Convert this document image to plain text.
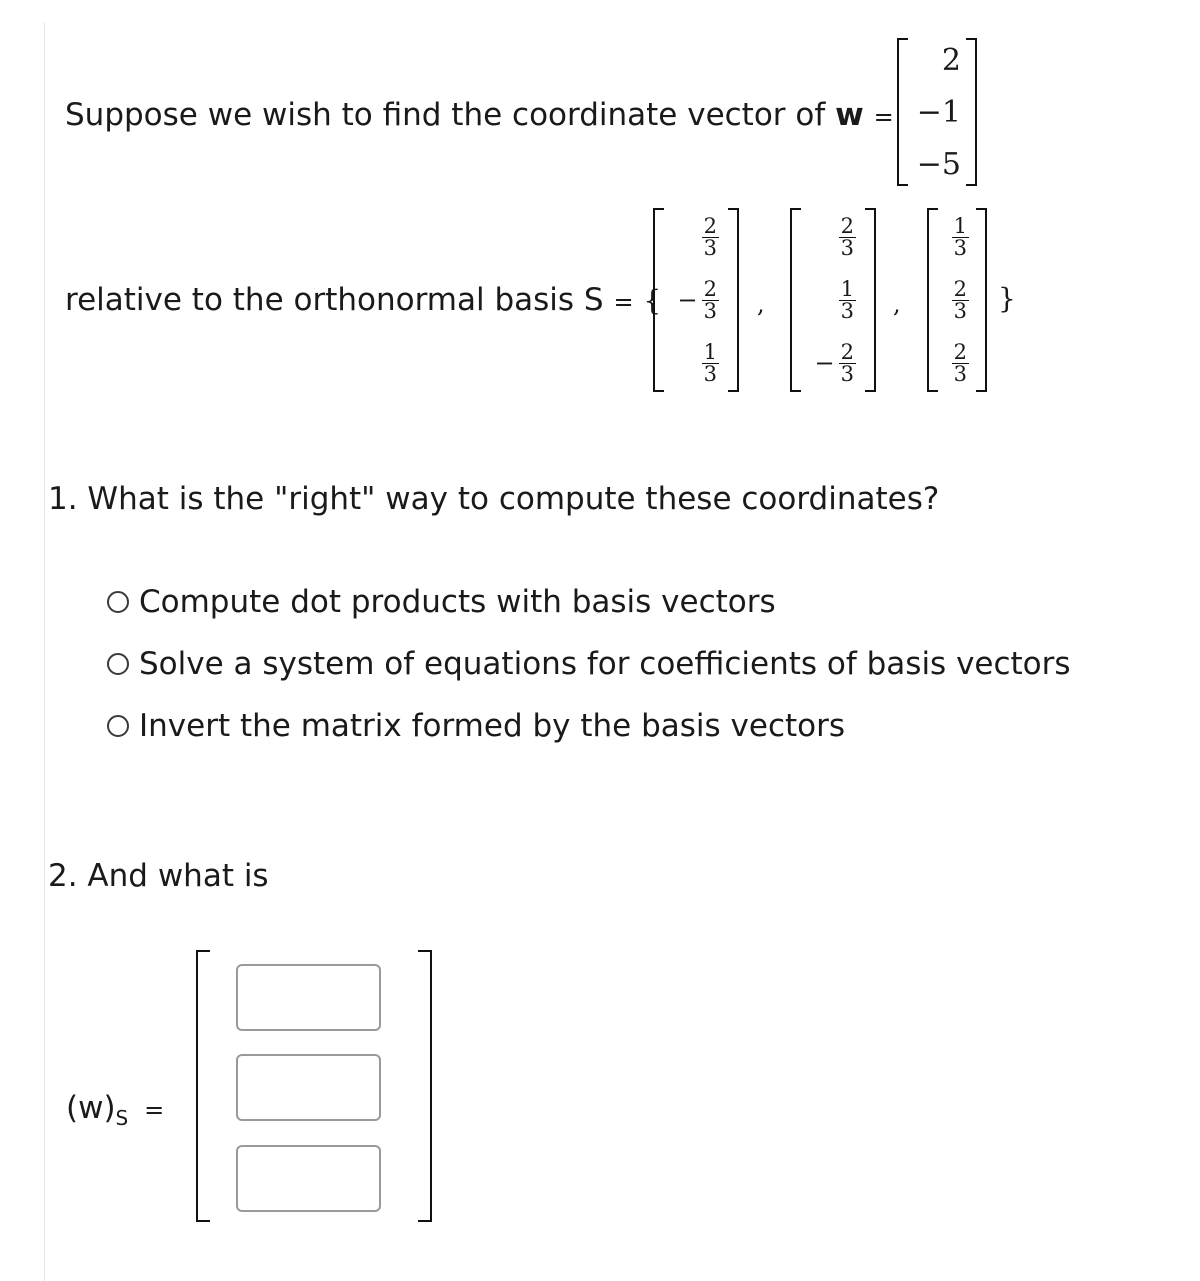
Suppose we wish to find the coordinate vector of w =
2
−1
−5
relative to the orthonormal basis S = {
$\frac{2}{3}$
− $\frac{2}{3}$
$\frac{1}{3}$
,
$\frac{2}{3}$
$\frac{1}{3}$
− $\frac{2}{3}$
,
$\frac{1}{3}$
$\frac{2}{3}$
$\frac{2}{3}$
}
1. What is the "right" way to compute these coordinates?
Compute dot products with basis vectors
Solve a system of equations for coefficients of basis vectors
Invert the matrix formed by the basis vectors
2. And what is
$(w)_S$ =
